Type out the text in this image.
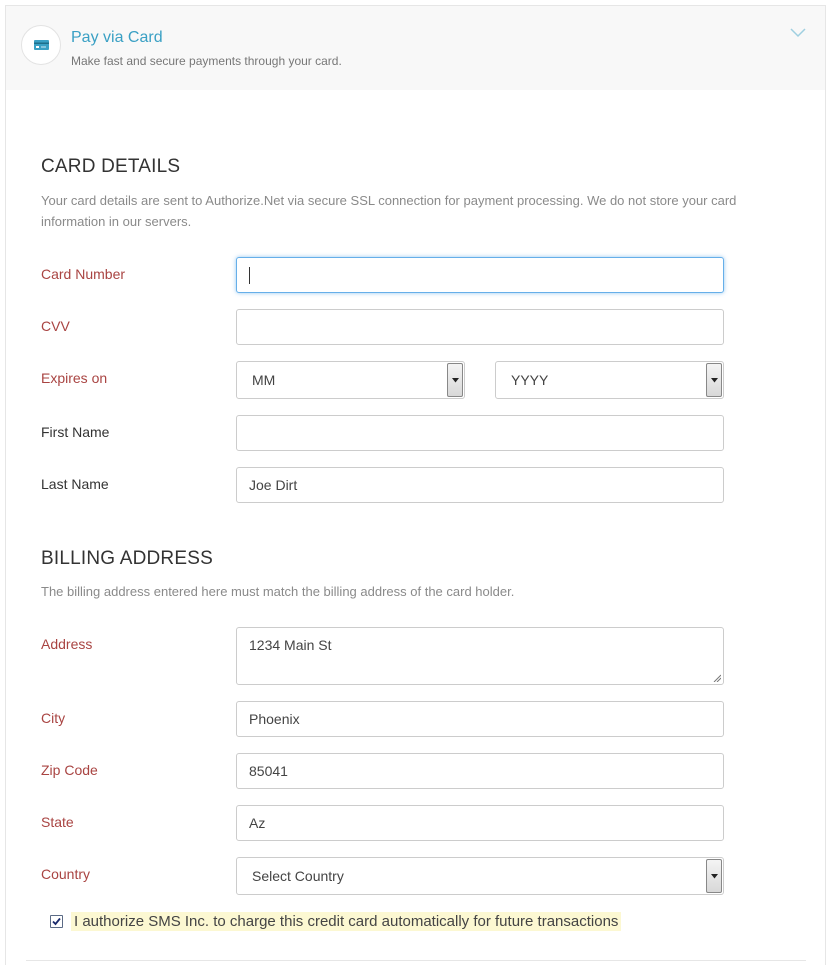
Pay via Card
Make fast and secure payments through your card.
CARD DETAILS
Your card details are sent to Authorize.Net via secure SSL connection for payment processing. We do not store your card information in our servers.
Card Number
CVV
Expires on	MM	YYYY
First Name
Last Name	Joe Dirt
BILLING ADDRESS
The billing address entered here must match the billing address of the card holder.
Address	1234 Main St
City	Phoenix
Zip Code	85041
State	Az
Country	Select Country
I authorize SMS Inc. to charge this credit card automatically for future transactions
